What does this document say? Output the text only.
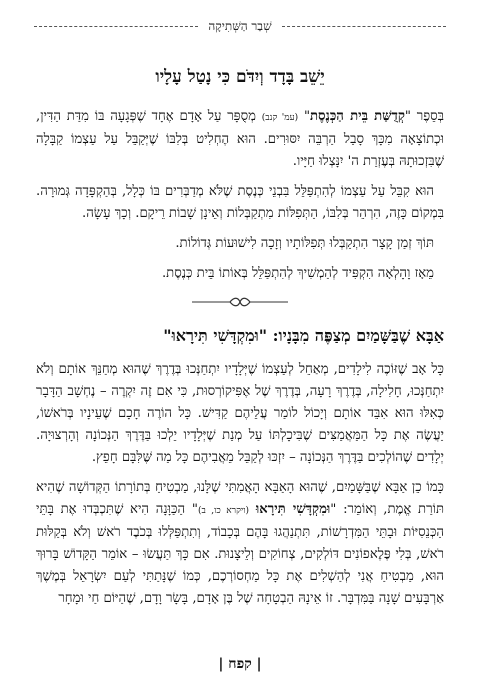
שְׁבַר הַשְּׁתִיקָה
יֵשֵׁב בָּדָד וְיִדֹּם כִּי נָטַל עָלָיו

בְּסֵפֶר "קְדֻשַּׁת בֵּית הַכְּנֶסֶת" (עמ' קנב) מְסֻפָּר עַל אָדָם אֶחָד שֶׁפְּגָעָה בּוֹ מִדַּת הַדִּין, וּכְתוֹצָאָה מִכָּךְ סָבַל הַרְבֵּה יִסּוּרִים. הוּא הֶחְלִיט בְּלִבּוֹ שֶׁיְּקַבֵּל עַל עַצְמוֹ קַבָּלָה שֶׁבִּזְכוּתָהּ בְּעֶזְרַת ה' יִנָּצְלוּ חַיָּיו.

הוּא קִבֵּל עַל עַצְמוֹ לְהִתְפַּלֵּל בִּבְנֵי כְּנֶסֶת שֶׁלֹּא מְדַבְּרִים בּוֹ כְּלָל, בְּהַקְפָּדָה גְּמוּרָה. בִּמְקוֹם כָּזֶה, הִרְהֵר בְּלִבּוֹ, הַתְּפִלּוֹת מִתְקַבְּלוֹת וְאֵינָן שָׁבוֹת רֵיקָם. וְכָךְ עָשָׂה.

תּוֹךְ זְמַן קָצָר הִתְקַבְּלוּ תְּפִלּוֹתָיו וְזָכָה לִישׁוּעוֹת גְּדוֹלוֹת.

מֵאָז וָהָלְאָה הִקְפִּיד לְהַמְשִׁיךְ לְהִתְפַּלֵּל בְּאוֹתוֹ בֵּית כְּנֶסֶת.

אַבָּא שֶׁבַּשָּׁמַיִם מְצַפֶּה מִבָּנָיו: "וּמִקְדָּשִׁי תִּירָאוּ"

כָּל אָב שֶׁזּוֹכֶה לִילָדִים, מְאַחֵל לְעַצְמוֹ שֶׁיְּלָדָיו יִתְחַנְּכוּ בְּדֶרֶךְ שֶׁהוּא מְחַנֵּךְ אוֹתָם וְלֹא יִתְחַנְּכוּ, חָלִילָה, בְּדֶרֶךְ רָעָה, בְּדֶרֶךְ שֶׁל אֶפִּיקוֹרְסוּת, כִּי אִם זֶה יִקְרֶה – נֶחְשָׁב הַדָּבָר כְּאִלּוּ הוּא אִבֵּד אוֹתָם וְיָכוֹל לוֹמַר עֲלֵיהֶם קַדִּישׁ. כָּל הוֹרֶה חָכָם שֶׁעֵינָיו בְּרֹאשׁוֹ, יַעֲשֶׂה אֶת כָּל הַמַּאֲמַצִּים שֶׁבִּיכָלְתּוֹ עַל מְנַת שֶׁיְּלָדָיו יֵלְכוּ בַּדֶּרֶךְ הַנְּכוֹנָה וְהָרְצוּיָה. יְלָדִים שֶׁהוֹלְכִים בַּדֶּרֶךְ הַנְּכוֹנָה – יִזְכּוּ לְקַבֵּל מֵאֲבִיהֶם כָּל מַה שֶּׁלִּבָּם חָפֵץ.

כָּמוֹ כֵן אַבָּא שֶׁבַּשָּׁמַיִם, שֶׁהוּא הָאַבָּא הָאֲמִתִּי שֶׁלָּנוּ, מַבְטִיחַ בְּתוֹרָתוֹ הַקְּדוֹשָׁה שֶׁהִיא תּוֹרַת אֱמֶת, וְאוֹמֵר: "וּמִקְדָּשִׁי תִּירָאוּ (ויקרא כו, ב)" הַכַּוָּנָה הִיא שֶׁתִּכְבְּדוּ אֶת בָּתֵּי הַכְּנֵסִיּוֹת וּבָתֵּי הַמִּדְרָשׁוֹת, תִּתְנַהֲגוּ בָּהֶם בְּכָבוֹד, וְתִתְפַּלְּלוּ בְּכֹבֶד רֹאשׁ וְלֹא בְּקַלּוּת רֹאשׁ, בְּלִי פֶּלֶאפוֹנִים דּוֹלְקִים, צְחוֹקִים וְלֵיצָנוּת. אִם כָּךְ תַּעֲשׂוּ – אוֹמֵר הַקָּדוֹשׁ בָּרוּךְ הוּא, מַבְטִיחַ אֲנִי לְהַשְׁלִים אֶת כָּל מַחְסוֹרְכֶם, כְּמוֹ שֶׁנָּתַתִּי לְעַם יִשְׂרָאֵל בְּמֶשֶׁךְ אַרְבָּעִים שָׁנָה בַּמִּדְבָּר. זוֹ אֵינָהּ הַבְטָחָה שֶׁל בֶּן אָדָם, בָּשָׂר וָדָם, שֶׁהַיּוֹם חַי וּמָחָר

| קפח |
